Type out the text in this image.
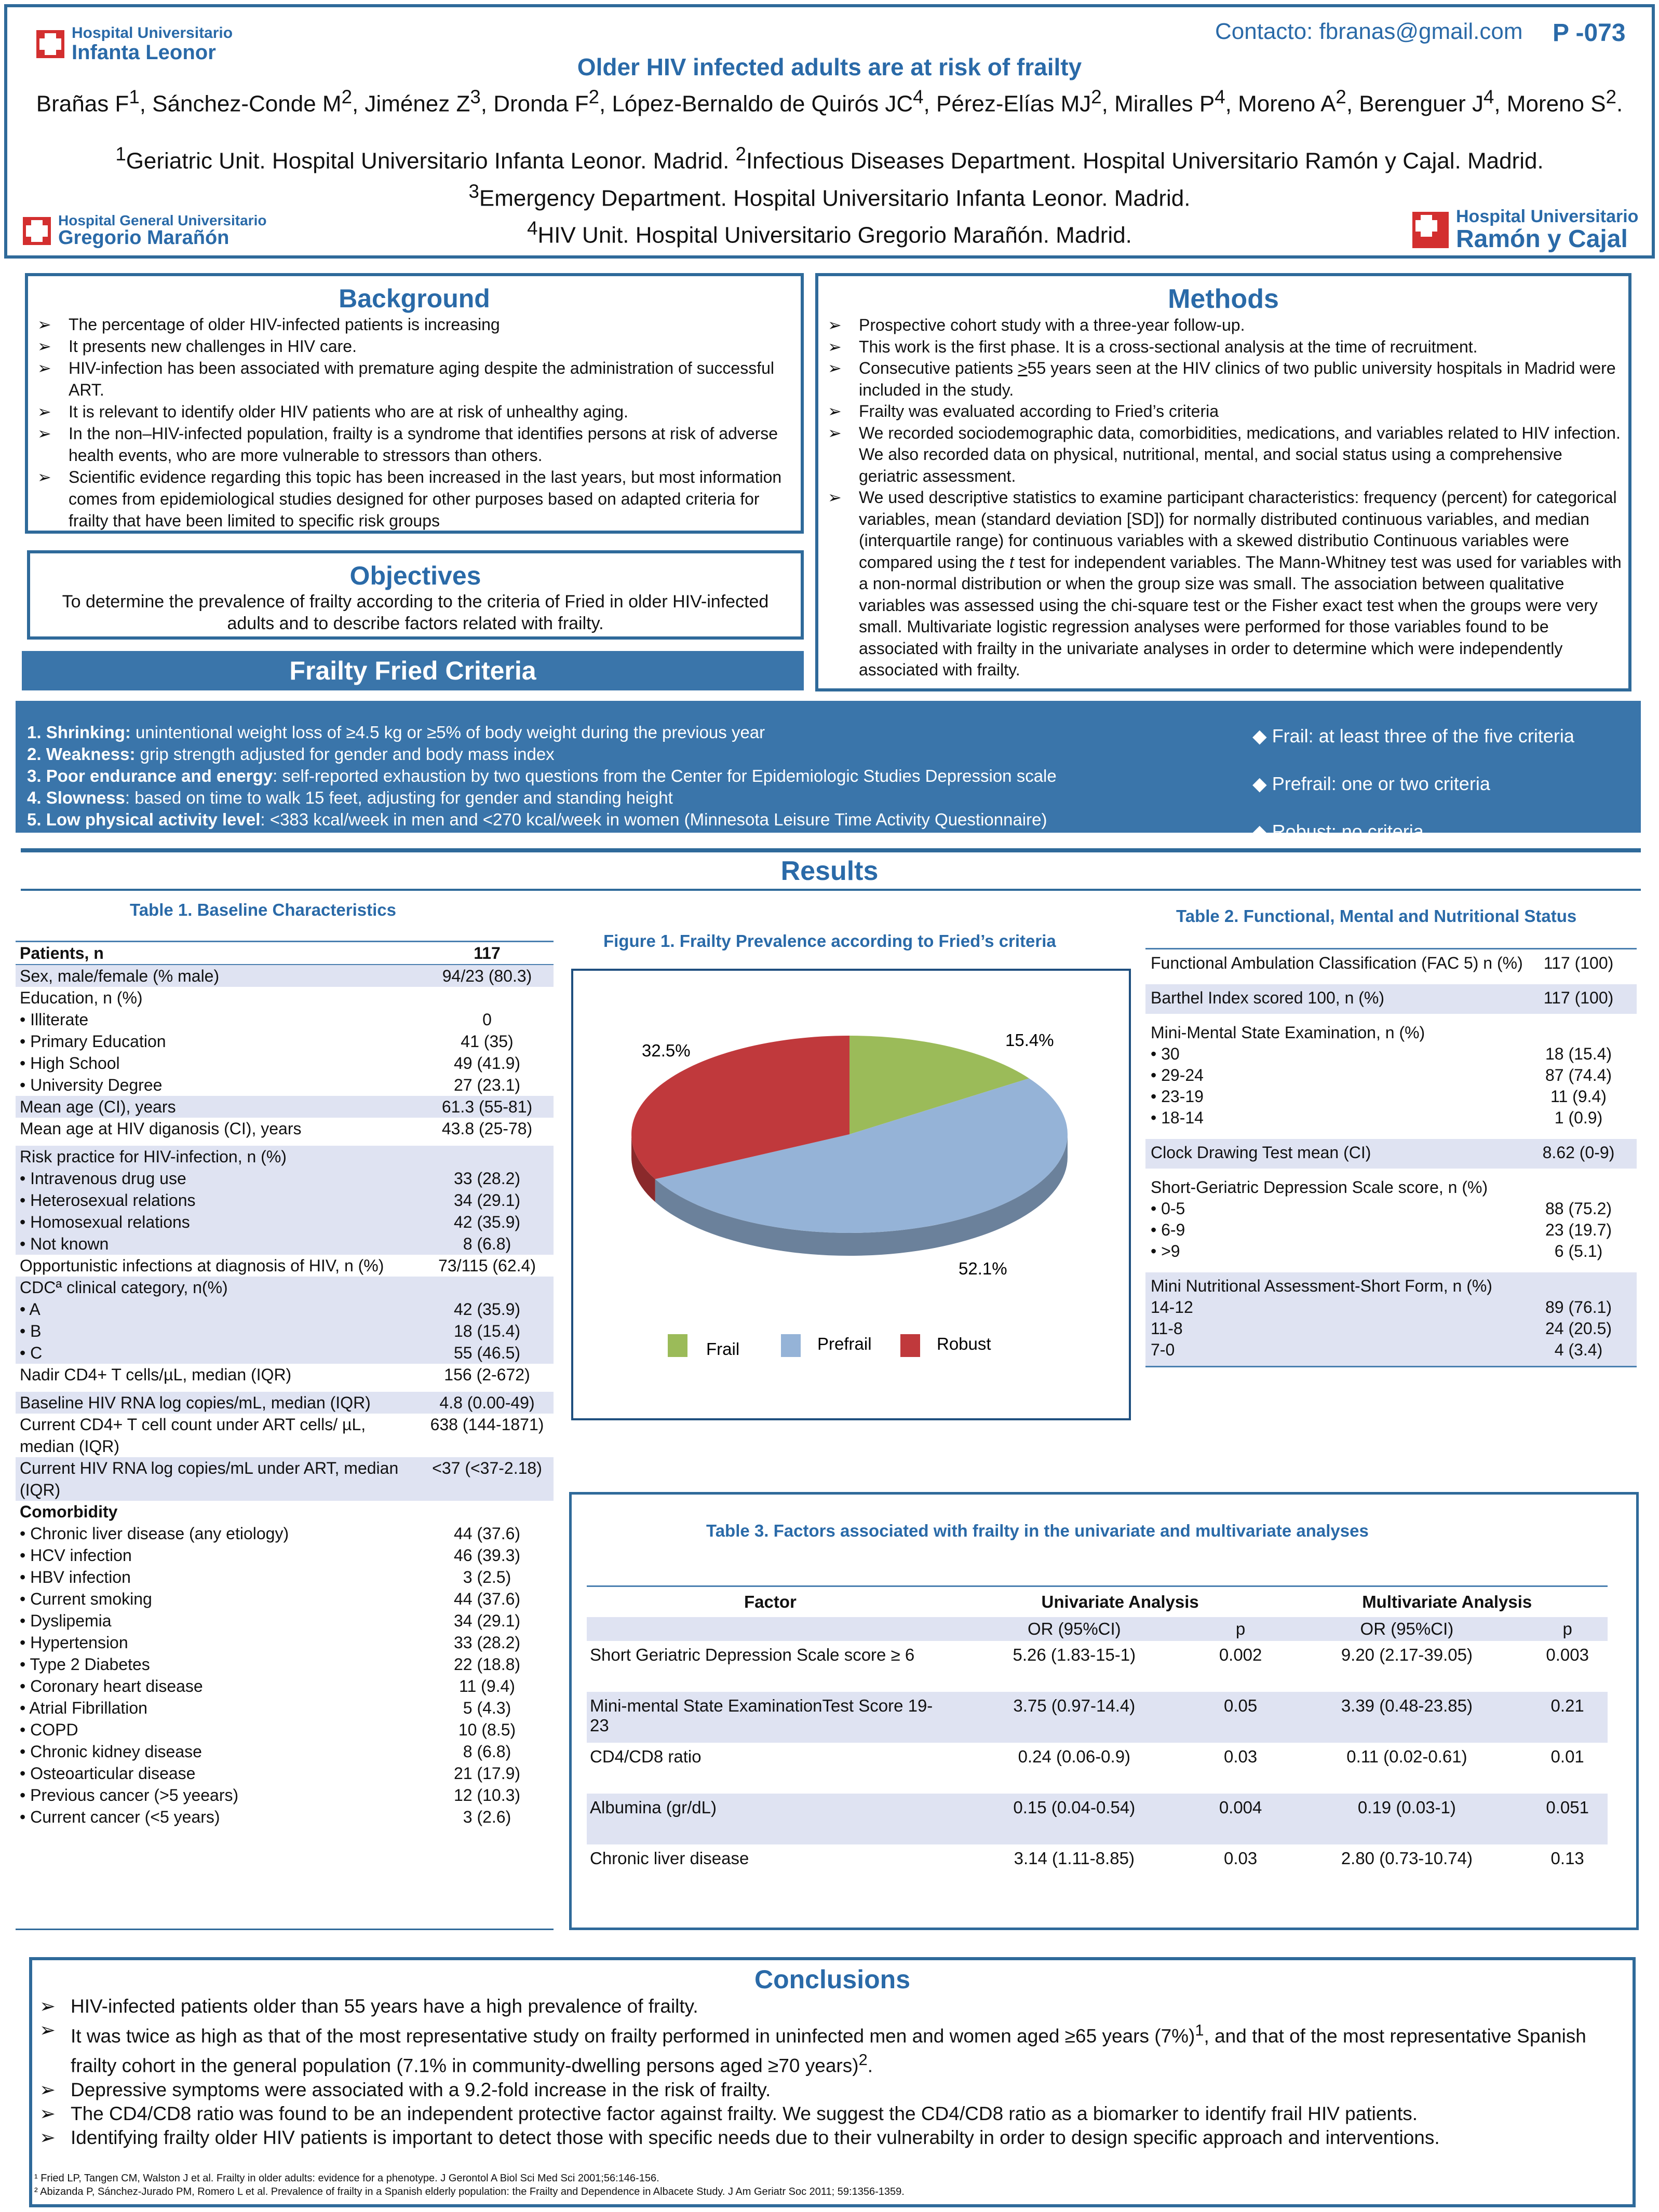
Contacto: fbranas@gmail.com P -073
Older HIV infected adults are at risk of frailty
Brañas $F^1$, Sánchez-Conde $M^2$, Jiménez $Z^3$, Dronda $F^2$, López-Bernaldo de Quirós $JC^4$, Pérez-Elías $MJ^2$, Miralles $P^4$, Moreno $A^2$, Berenguer $J^4$, Moreno $S^2$.
$^1$Geriatric Unit. Hospital Universitario Infanta Leonor. Madrid. $^2$Infectious Diseases Department. Hospital Universitario Ramón y Cajal. Madrid.
$^3$Emergency Department. Hospital Universitario Infanta Leonor. Madrid.
$^4$HIV Unit. Hospital Universitario Gregorio Marañón. Madrid.
Hospital Universitario
Infanta Leonor
Hospital General Universitario
Gregorio Marañón
Hospital Universitario
Ramón y Cajal
Background
➢ The percentage of older HIV-infected patients is increasing
➢ It presents new challenges in HIV care.
➢ HIV-infection has been associated with premature aging despite the administration of successful ART.
➢ It is relevant to identify older HIV patients who are at risk of unhealthy aging.
➢ In the non–HIV-infected population, frailty is a syndrome that identifies persons at risk of adverse health events, who are more vulnerable to stressors than others.
➢ Scientific evidence regarding this topic has been increased in the last years, but most information comes from epidemiological studies designed for other purposes based on adapted criteria for frailty that have been limited to specific risk groups
Objectives
To determine the prevalence of frailty according to the criteria of Fried in older HIV-infected adults and to describe factors related with frailty.
Methods
➢ Prospective cohort study with a three-year follow-up.
➢ This work is the first phase. It is a cross-sectional analysis at the time of recruitment.
➢ Consecutive patients >55 years seen at the HIV clinics of two public university hospitals in Madrid were included in the study.
➢ Frailty was evaluated according to Fried’s criteria
➢ We recorded sociodemographic data, comorbidities, medications, and variables related to HIV infection. We also recorded data on physical, nutritional, mental, and social status using a comprehensive geriatric assessment.
➢ We used descriptive statistics to examine participant characteristics: frequency (percent) for categorical variables, mean (standard deviation [SD]) for normally distributed continuous variables, and median (interquartile range) for continuous variables with a skewed distributio Continuous variables were compared using the t test for independent variables. The Mann-Whitney test was used for variables with a non-normal distribution or when the group size was small. The association between qualitative variables was assessed using the chi-square test or the Fisher exact test when the groups were very small. Multivariate logistic regression analyses were performed for those variables found to be associated with frailty in the univariate analyses in order to determine which were independently associated with frailty.
Frailty Fried Criteria
1. Shrinking: unintentional weight loss of ≥4.5 kg or ≥5% of body weight during the previous year
2. Weakness: grip strength adjusted for gender and body mass index
3. Poor endurance and energy: self-reported exhaustion by two questions from the Center for Epidemiologic Studies Depression scale
4. Slowness: based on time to walk 15 feet, adjusting for gender and standing height
5. Low physical activity level: <383 kcal/week in men and <270 kcal/week in women (Minnesota Leisure Time Activity Questionnaire)
◆ Frail: at least three of the five criteria
◆ Prefrail: one or two criteria
◆ Robust: no criteria
Results
Table 1. Baseline Characteristics
Patients, n	117
Sex, male/female (% male)	94/23 (80.3)
Education, n (%)	
• Illiterate	0
• Primary Education	41 (35)
• High School	49 (41.9)
• University Degree	27 (23.1)
Mean age (CI), years	61.3 (55-81)
Mean age at HIV diganosis (CI), years	43.8 (25-78)
Risk practice for HIV-infection, n (%)	
• Intravenous drug use	33 (28.2)
• Heterosexual relations	34 (29.1)
• Homosexual relations	42 (35.9)
• Not known	8 (6.8)
Opportunistic infections at diagnosis of HIV, n (%)	73/115 (62.4)
CDCª clinical category, n(%)	
• A	42 (35.9)
• B	18 (15.4)
• C	55 (46.5)
Nadir CD4+ T cells/µL, median (IQR)	156 (2-672)
Baseline HIV RNA log copies/mL, median (IQR)	4.8 (0.00-49)
Current CD4+ T cell count under ART cells/ µL, median (IQR)	638 (144-1871)
Current HIV RNA log copies/mL under ART, median (IQR)	<37 (<37-2.18)
Comorbidity	

• Chronic liver disease (any etiology)	44 (37.6)
• HCV infection	46 (39.3)
• HBV infection	3 (2.5)
• Current smoking	44 (37.6)
• Dyslipemia	34 (29.1)
• Hypertension	33 (28.2)
• Type 2 Diabetes	22 (18.8)
• Coronary heart disease	11 (9.4)
• Atrial Fibrillation	5 (4.3)
• COPD	10 (8.5)
• Chronic kidney disease	8 (6.8)
• Osteoarticular disease	21 (17.9)
• Previous cancer (>5 yeears)	12 (10.3)
• Current cancer (<5 years)	3 (2.6)
Figure 1. Frailty Prevalence according to Fried’s criteria
15.4%
52.1%
32.5%
Frail	Prefrail	Robust
Table 2. Functional, Mental and Nutritional Status
Functional Ambulation Classification (FAC 5) n (%)	117 (100)
Barthel Index scored 100, n (%)	117 (100)
Mini-Mental State Examination, n (%)
• 30	18 (15.4)
• 29-24	87 (74.4)
• 23-19	11 (9.4)
• 18-14	1 (0.9)
Clock Drawing Test mean (CI)	8.62 (0-9)
Short-Geriatric Depression Scale score, n (%)
• 0-5	88 (75.2)
• 6-9	23 (19.7)
• >9	6 (5.1)
Mini Nutritional Assessment-Short Form, n (%)
14-12	89 (76.1)
11-8	24 (20.5)
7-0	4 (3.4)
Table 3. Factors associated with frailty in the univariate and multivariate analyses
Factor	Univariate Analysis		Multivariate Analysis	
	OR (95%CI)	p	OR (95%CI)	p
Short Geriatric Depression Scale score ≥ 6	5.26 (1.83-15-1)	0.002	9.20 (2.17-39.05)	0.003
Mini-mental State ExaminationTest Score 19-23	3.75 (0.97-14.4)	0.05	3.39 (0.48-23.85)	0.21
CD4/CD8 ratio	0.24 (0.06-0.9)	0.03	0.11 (0.02-0.61)	0.01
Albumina (gr/dL)	0.15 (0.04-0.54)	0.004	0.19 (0.03-1)	0.051
Chronic liver disease	3.14 (1.11-8.85)	0.03	2.80 (0.73-10.74)	0.13
Conclusions
➢ HIV-infected patients older than 55 years have a high prevalence of frailty.
➢ It was twice as high as that of the most representative study on frailty performed in uninfected men and women aged ≥65 years $(7\%)^1$, and that of the most representative Spanish frailty cohort in the general population (7.1% in community-dwelling persons aged ≥70 years)$^2$.
➢ Depressive symptoms were associated with a 9.2-fold increase in the risk of frailty.
➢ The CD4/CD8 ratio was found to be an independent protective factor against frailty. We suggest the CD4/CD8 ratio as a biomarker to identify frail HIV patients.
➢ Identifying frailty older HIV patients is important to detect those with specific needs due to their vulnerabilty in order to design specific approach and interventions.
¹ Fried LP, Tangen CM, Walston J et al. Frailty in older adults: evidence for a phenotype. J Gerontol A Biol Sci Med Sci 2001;56:146-156.
² Abizanda P, Sánchez-Jurado PM, Romero L et al. Prevalence of frailty in a Spanish elderly population: the Frailty and Dependence in Albacete Study. J Am Geriatr Soc 2011; 59:1356-1359.
